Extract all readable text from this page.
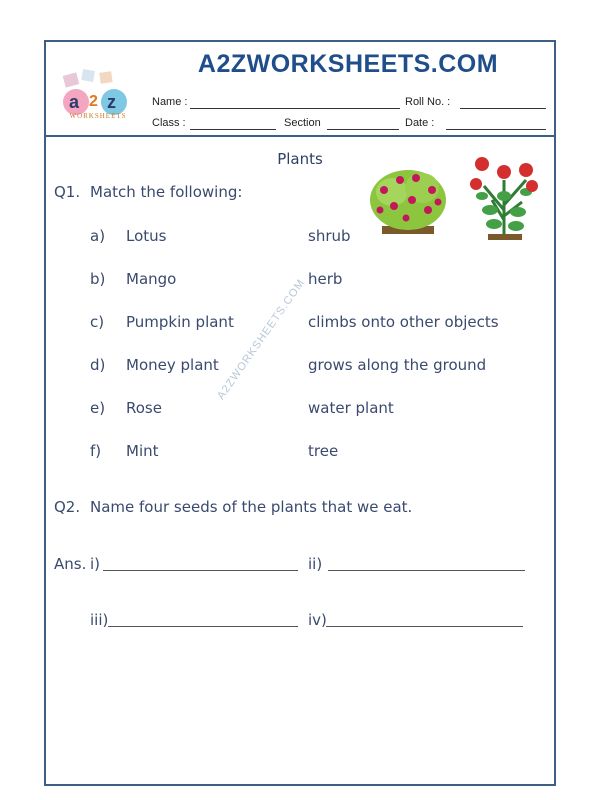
A2ZWORKSHEETS.COM
a 2 z
WORKSHEETS
Name :	Roll No. :
Class :	Section	Date :
Plants
A2ZWORKSHEETS.COM
Q1. Match the following:
a) Lotus	shrub
b) Mango	herb
c) Pumpkin plant	climbs onto other objects
d) Money plant	grows along the ground
e) Rose	water plant
f) Mint	tree
Q2. Name four seeds of the plants that we eat.
Ans. i)	ii)
iii)	iv)
